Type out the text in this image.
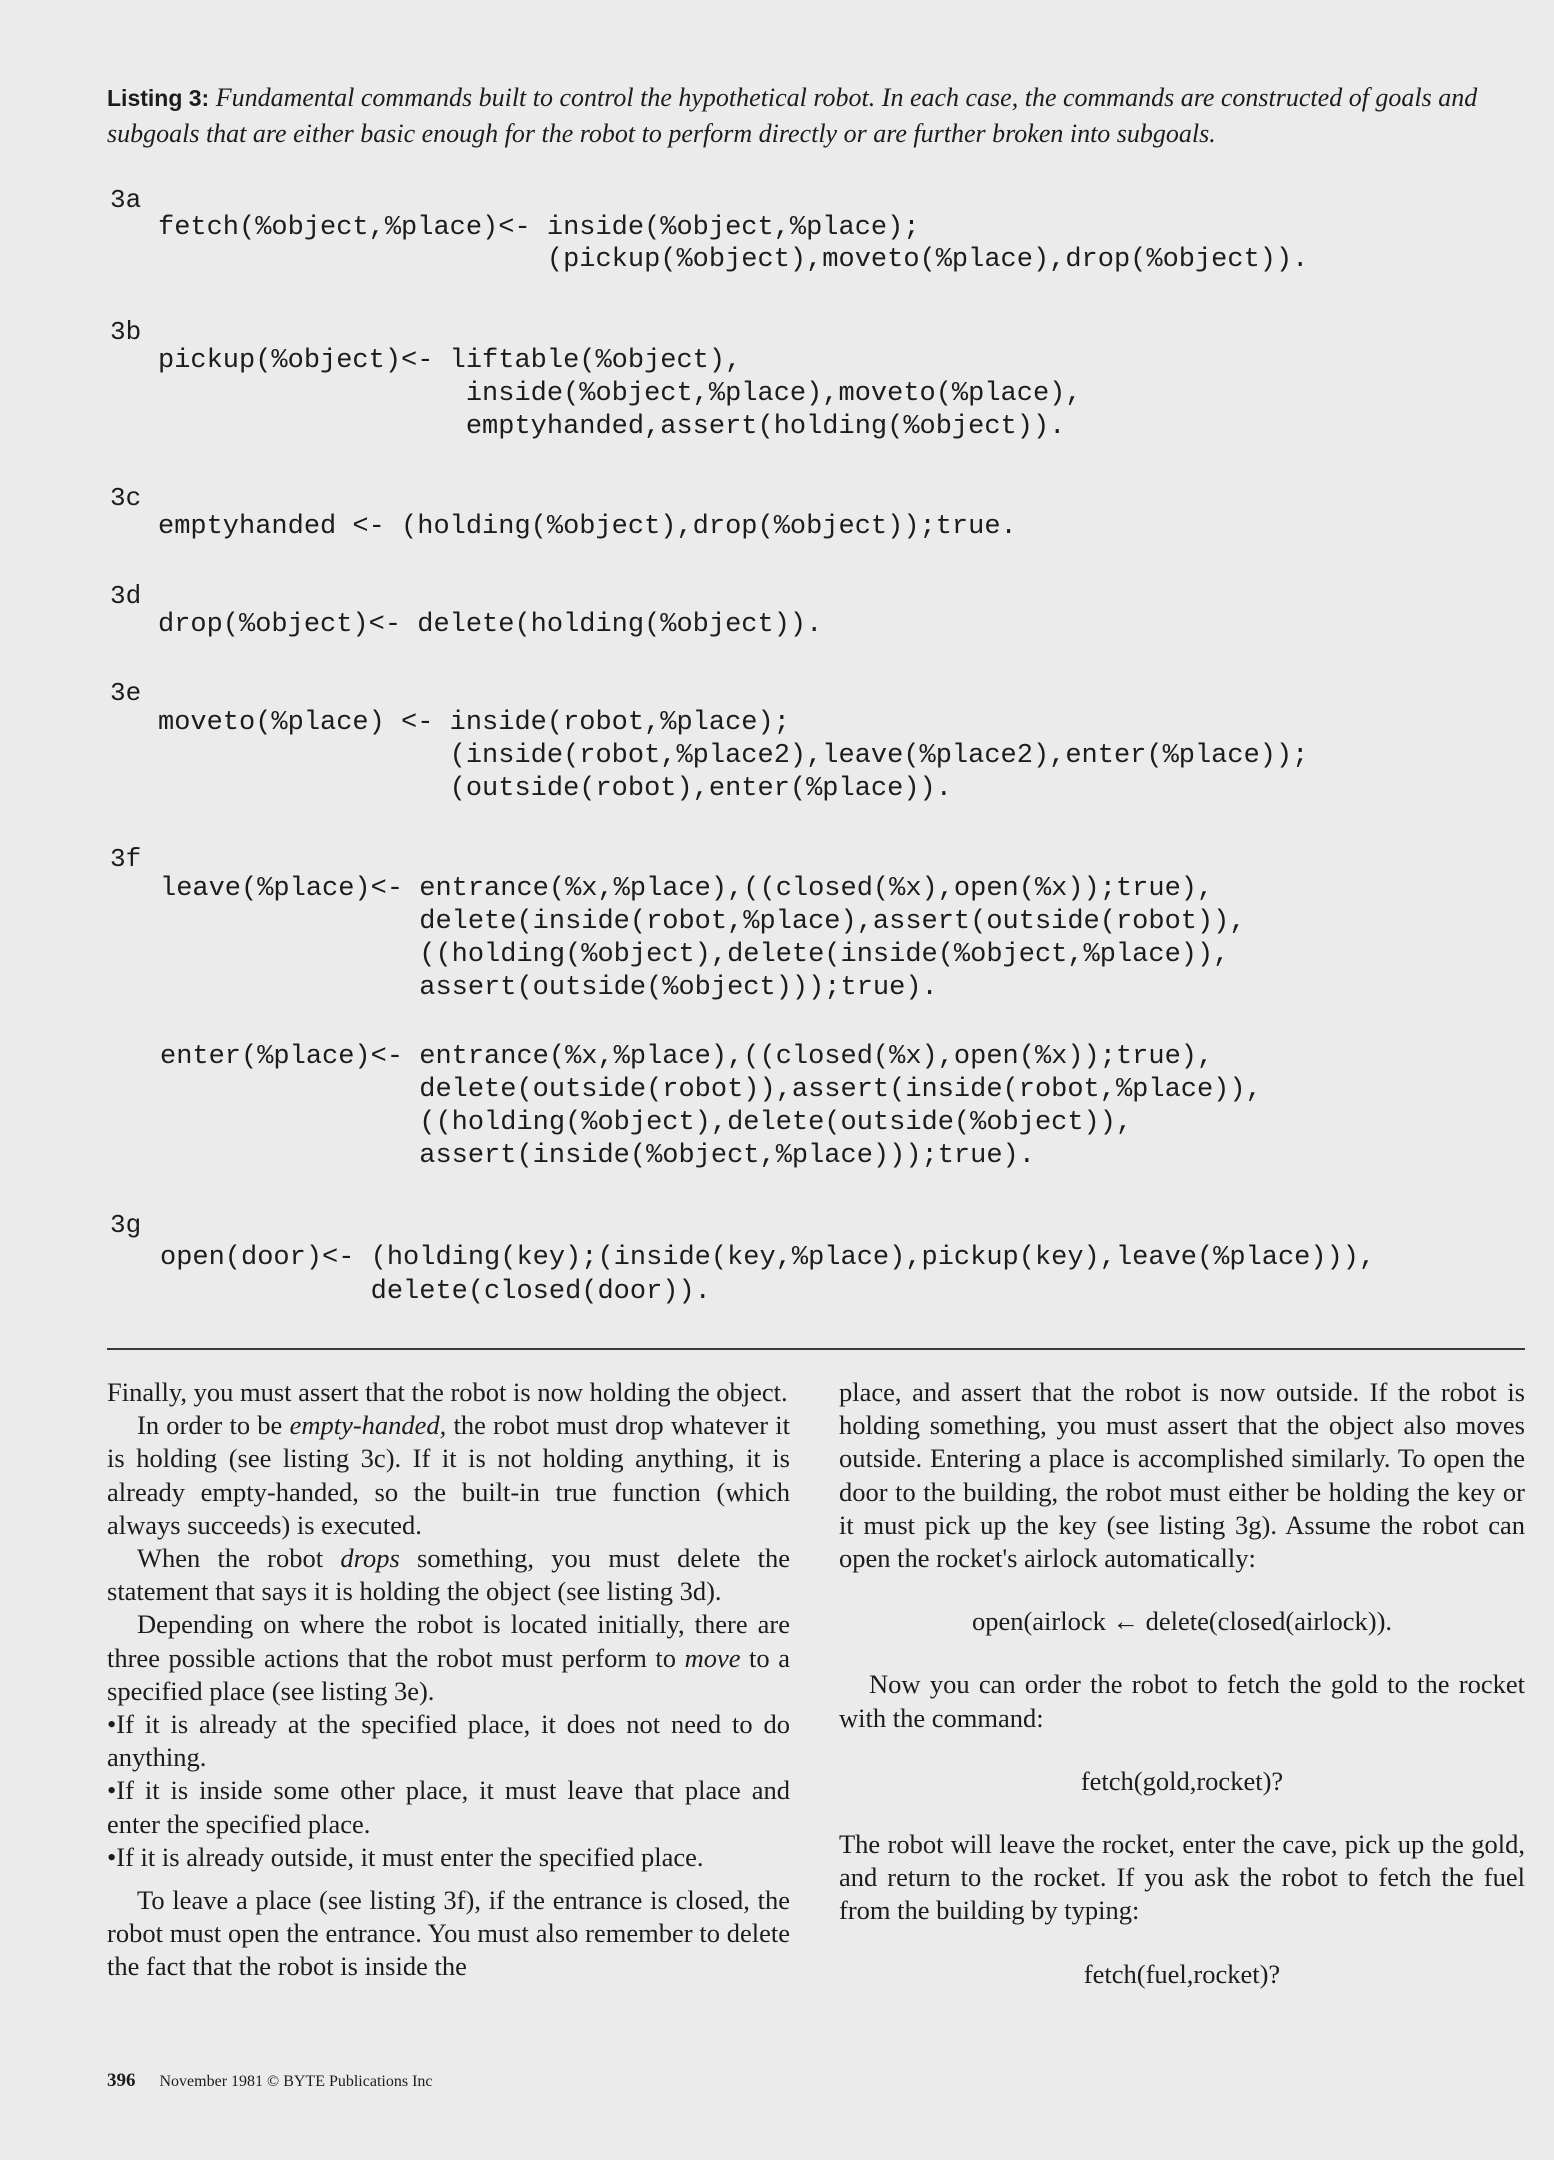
Listing 3: Fundamental commands built to control the hypothetical robot. In each case, the commands are constructed of goals and subgoals that are either basic enough for the robot to perform directly or are further broken into subgoals.

3a
fetch(%object,%place)<- inside(%object,%place);
(pickup(%object),moveto(%place),drop(%object)).
3b
pickup(%object)<- liftable(%object),
inside(%object,%place),moveto(%place),
emptyhanded,assert(holding(%object)).
3c
emptyhanded <- (holding(%object),drop(%object));true.
3d
drop(%object)<- delete(holding(%object)).
3e
moveto(%place) <- inside(robot,%place);
(inside(robot,%place2),leave(%place2),enter(%place));
(outside(robot),enter(%place)).
3f
leave(%place)<- entrance(%x,%place),((closed(%x),open(%x));true),
delete(inside(robot,%place),assert(outside(robot)),
((holding(%object),delete(inside(%object,%place)),
assert(outside(%object)));true).
enter(%place)<- entrance(%x,%place),((closed(%x),open(%x));true),
delete(outside(robot)),assert(inside(robot,%place)),
((holding(%object),delete(outside(%object)),
assert(inside(%object,%place)));true).
3g
open(door)<- (holding(key);(inside(key,%place),pickup(key),leave(%place))),
delete(closed(door)).

Finally, you must assert that the robot is now holding the object.

In order to be empty-handed, the robot must drop whatever it is holding (see listing 3c). If it is not holding anything, it is already empty-handed, so the built-in true function (which always succeeds) is executed.

When the robot drops something, you must delete the statement that says it is holding the object (see listing 3d).

Depending on where the robot is located initially, there are three possible actions that the robot must perform to move to a specified place (see listing 3e).

•If it is already at the specified place, it does not need to do anything.

•If it is inside some other place, it must leave that place and enter the specified place.

•If it is already outside, it must enter the specified place.

To leave a place (see listing 3f), if the entrance is closed, the robot must open the entrance. You must also remember to delete the fact that the robot is inside the

place, and assert that the robot is now outside. If the robot is holding something, you must assert that the object also moves outside. Entering a place is accomplished similarly. To open the door to the building, the robot must either be holding the key or it must pick up the key (see listing 3g). Assume the robot can open the rocket's airlock automatically:

open(airlock ← delete(closed(airlock)).

Now you can order the robot to fetch the gold to the rocket with the command:

fetch(gold,rocket)?

The robot will leave the rocket, enter the cave, pick up the gold, and return to the rocket. If you ask the robot to fetch the fuel from the building by typing:

fetch(fuel,rocket)?

396 November 1981 © BYTE Publications Inc
